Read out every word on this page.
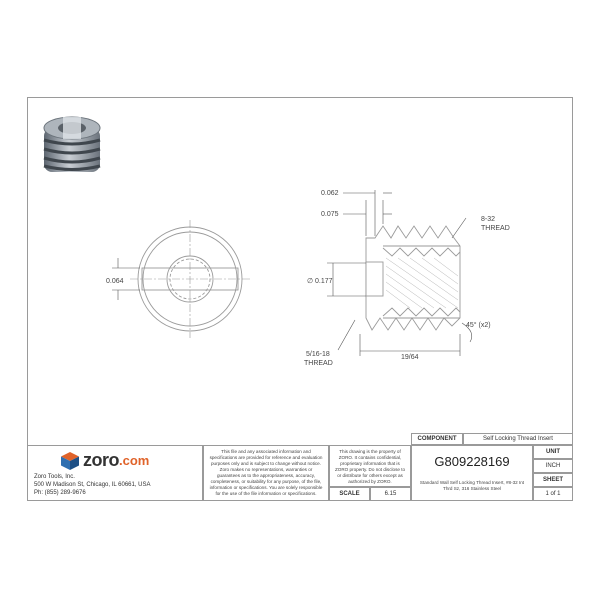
0.064
0.062
0.075
8-32
THREAD
∅ 0.177
5/16-18
THREAD
19/64
45° (x2)
zoro .com
Zoro Tools, Inc.
500 W Madison St, Chicago, IL 60661, USA
Ph: (855) 289-9676
This file and any associated information and specifications are provided for reference and evaluation purposes only and is subject to change without notice. Zoro makes no representations, warranties or guarantees as to the appropriateness, accuracy, completeness, or suitability for any purpose, of the file, information or specifications. You are solely responsible for the use of the file information or specifications.
This drawing is the property of ZORO. It contains confidential, proprietary information that is ZORO property. Do not disclose to or distribute for others except as authorized by ZORO.
SCALE	6.15
COMPONENT	Self Locking Thread Insert
G809228169
Standard Wall Self Locking Thread Insert, #8-32 Int Thrd Sz, 316 Stainless Steel
UNIT
INCH
SHEET
1 of 1
